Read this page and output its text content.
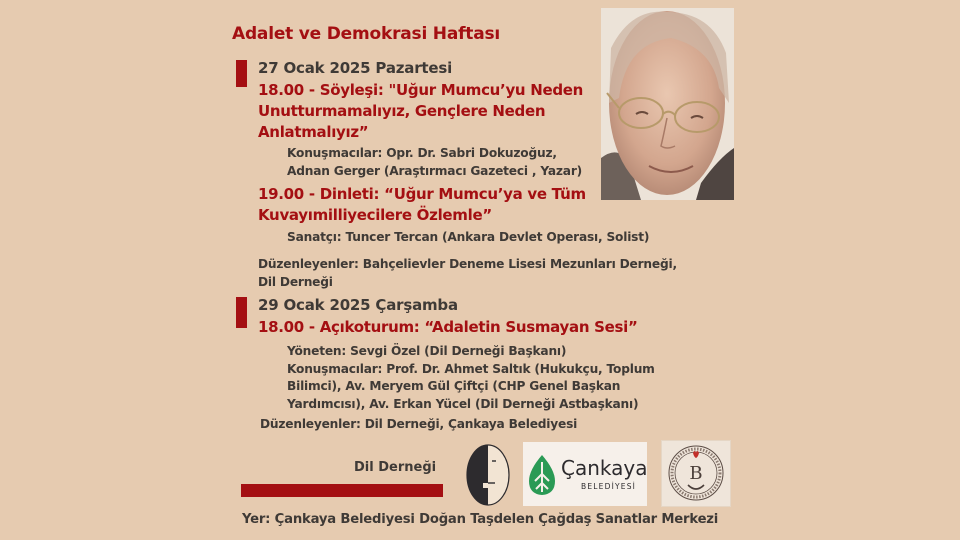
Adalet ve Demokrasi Haftası
27 Ocak 2025 Pazartesi
18.00 - Söyleşi: "Uğur Mumcu’yu Neden
Unutturmamalıyız, Gençlere Neden
Anlatmalıyız”
Konuşmacılar: Opr. Dr. Sabri Dokuzoğuz,
Adnan Gerger (Araştırmacı Gazeteci , Yazar)
19.00 - Dinleti: “Uğur Mumcu’ya ve Tüm
Kuvayımilliyecilere Özlemle”
Sanatçı: Tuncer Tercan (Ankara Devlet Operası, Solist)
Düzenleyenler: Bahçelievler Deneme Lisesi Mezunları Derneği,
Dil Derneği
29 Ocak 2025 Çarşamba
18.00 - Açıkoturum: “Adaletin Susmayan Sesi”
Yöneten: Sevgi Özel (Dil Derneği Başkanı)
Konuşmacılar: Prof. Dr. Ahmet Saltık (Hukukçu, Toplum
Bilimci), Av. Meryem Gül Çiftçi (CHP Genel Başkan
Yardımcısı), Av. Erkan Yücel (Dil Derneği Astbaşkanı)
Düzenleyenler: Dil Derneği, Çankaya Belediyesi
Dil Derneği	Çankaya
BELEDİYESİ
B
Yer: Çankaya Belediyesi Doğan Taşdelen Çağdaş Sanatlar Merkezi
